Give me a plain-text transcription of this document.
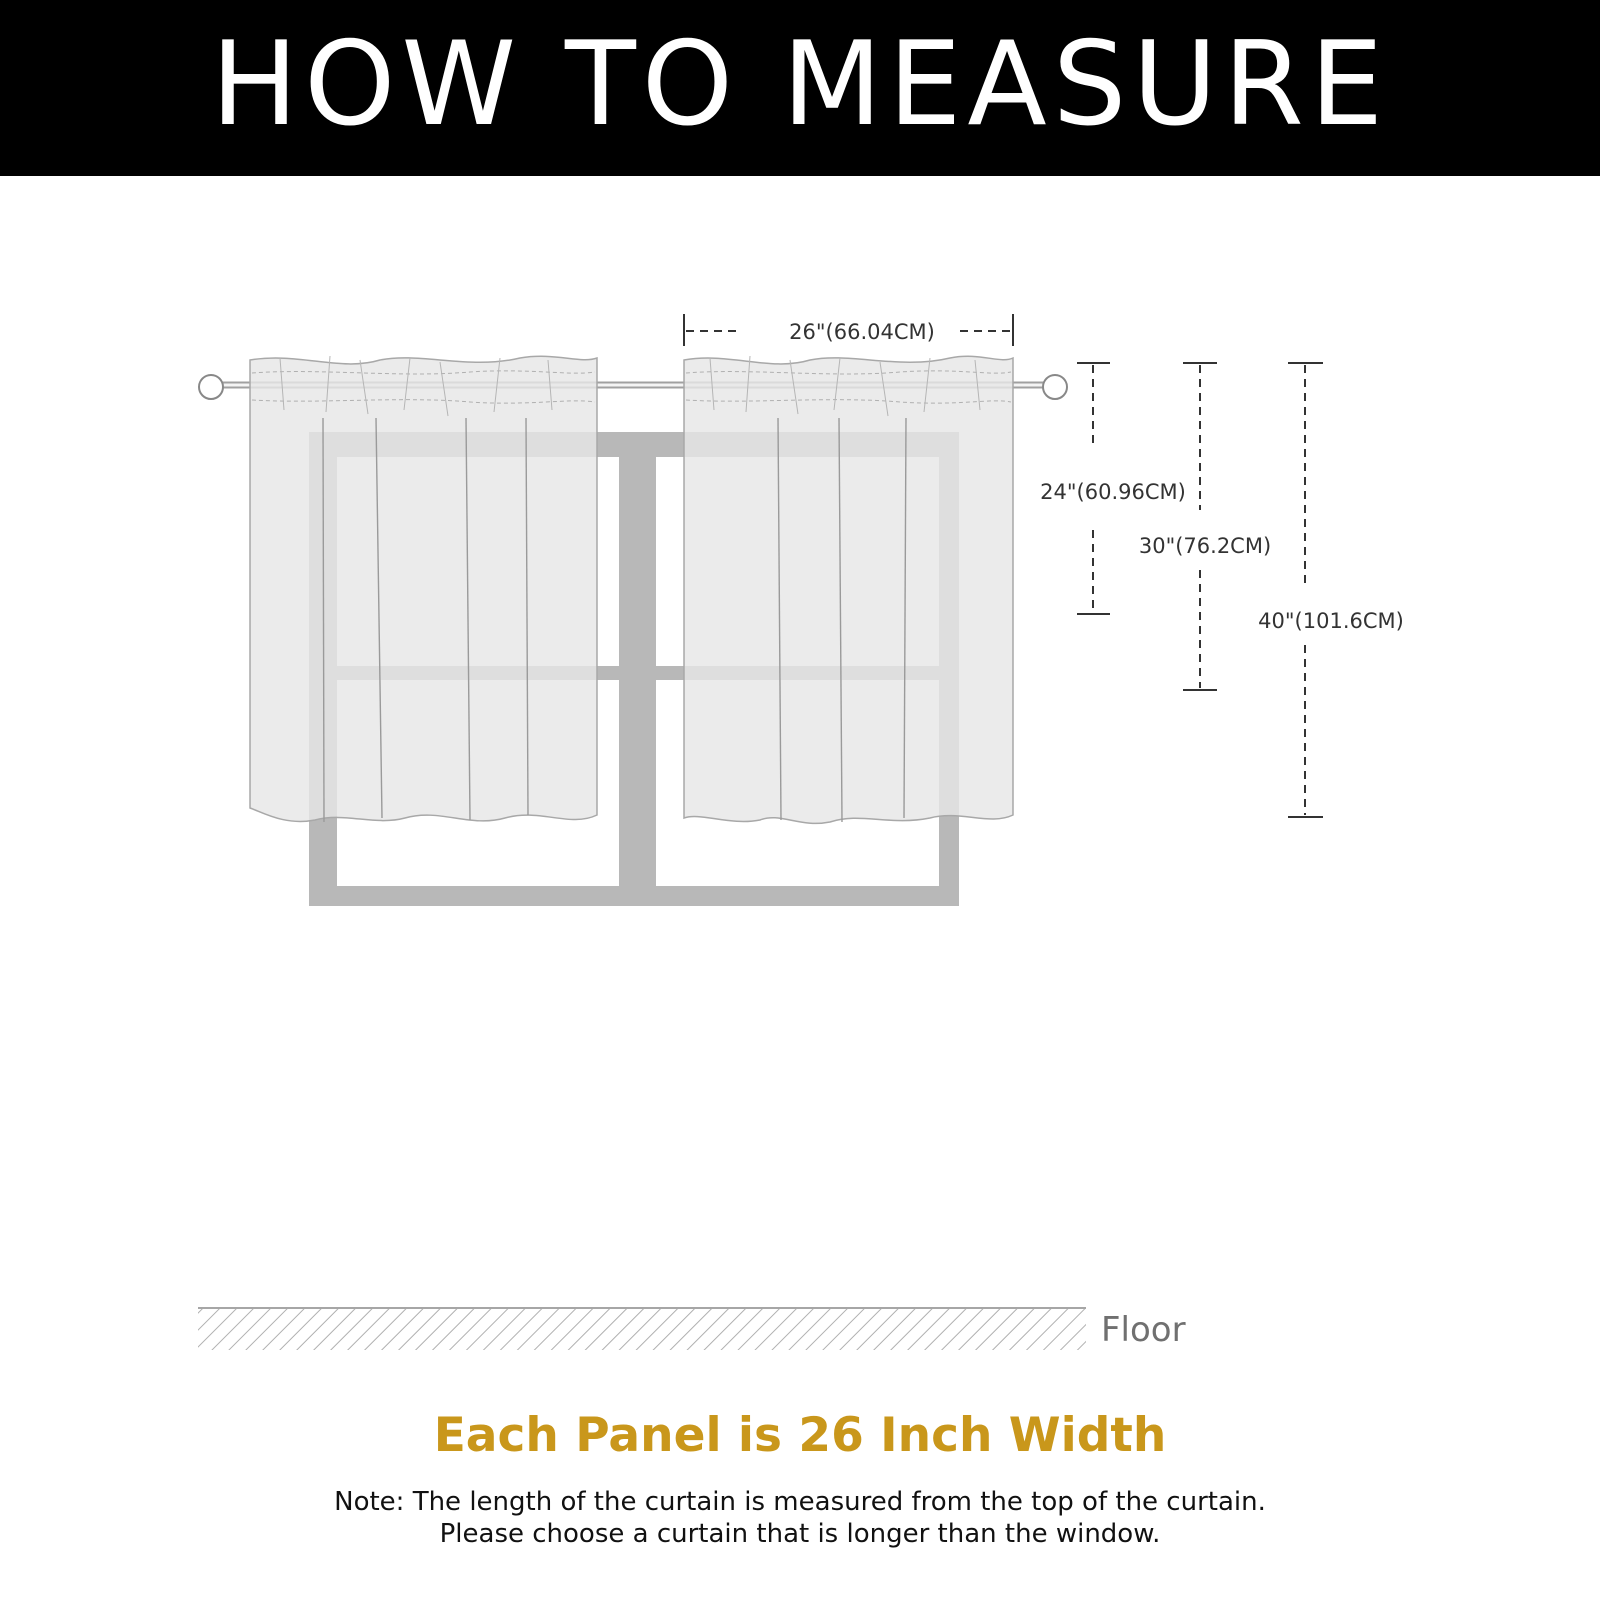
HOW TO MEASURE
26"(66.04CM)
24"(60.96CM)
30"(76.2CM)
40"(101.6CM)
Floor
Each Panel is 26 Inch Width
Note: The length of the curtain is measured from the top of the curtain.
Please choose a curtain that is longer than the window.
